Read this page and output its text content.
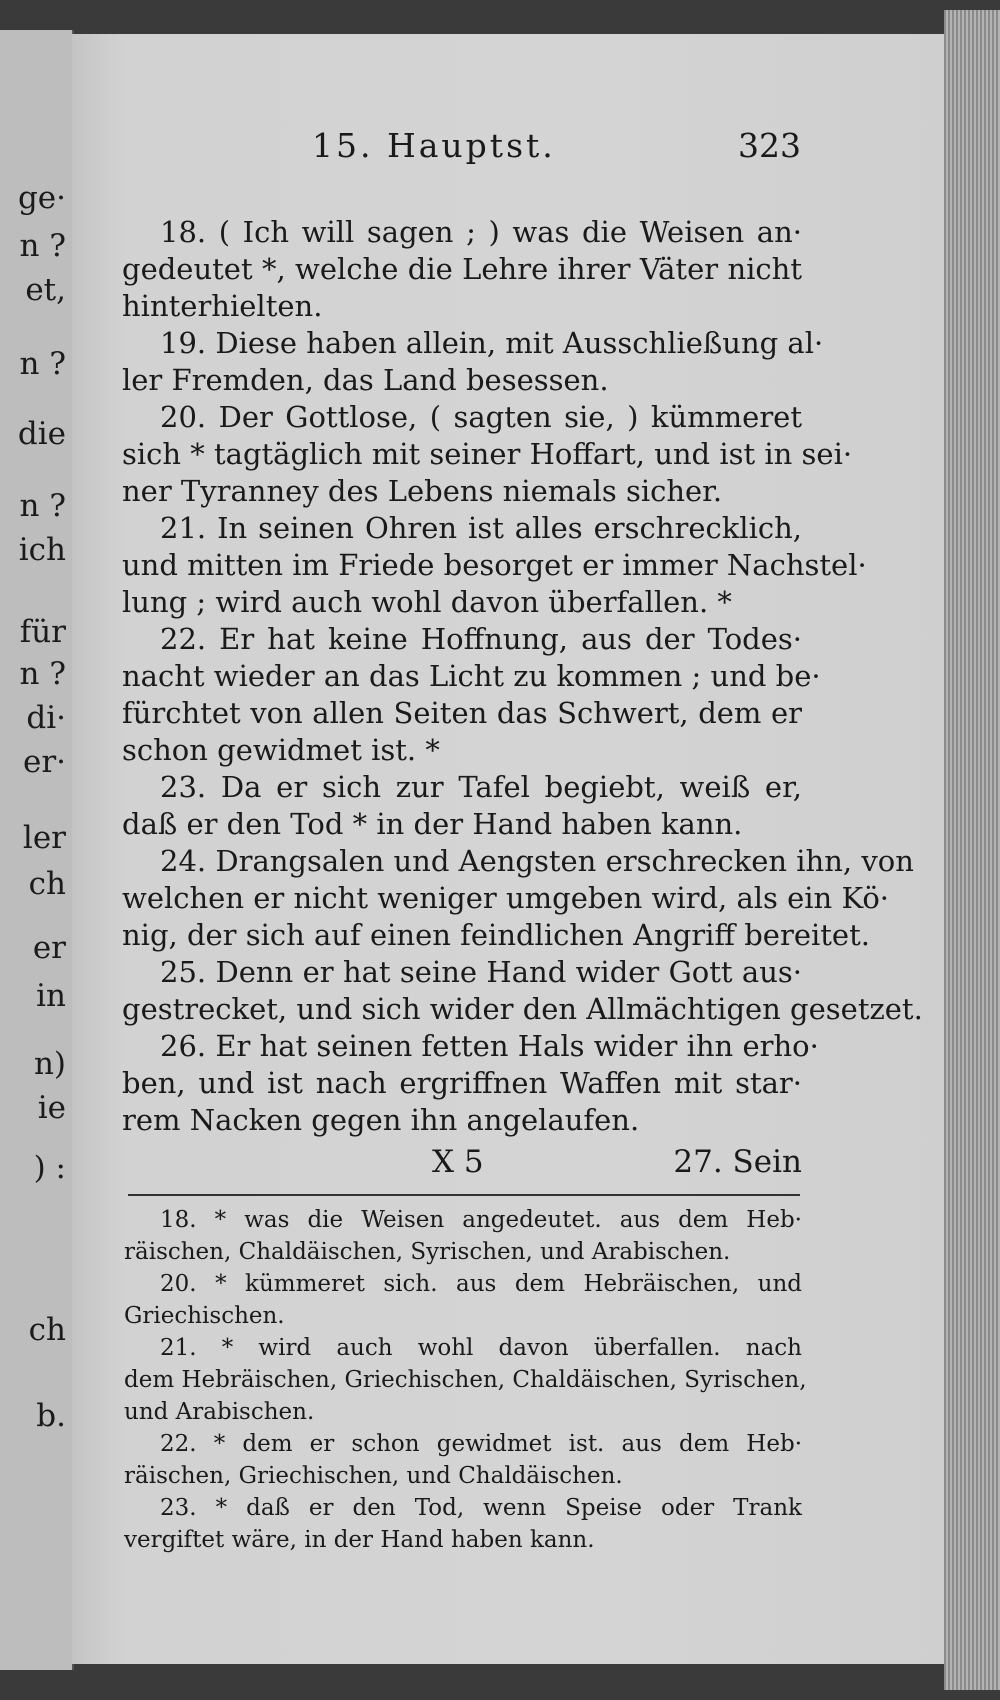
ge·
n ?
et,
n ?
die
n ?
ich
für
n ?
di·
er·
ler
ch
er
in
n)
ie
) :
ch
b.
15. Hauptst.	323
18. ( Ich will sagen ; ) was die Weisen an·
gedeutet *, welche die Lehre ihrer Väter nicht
hinterhielten.
19. Diese haben allein, mit Ausschließung al·
ler Fremden, das Land besessen.
20. Der Gottlose, ( sagten sie, ) kümmeret
sich * tagtäglich mit seiner Hoffart, und ist in sei·
ner Tyranney des Lebens niemals sicher.
21. In seinen Ohren ist alles erschrecklich,
und mitten im Friede besorget er immer Nachstel·
lung ; wird auch wohl davon überfallen. *
22. Er hat keine Hoffnung, aus der Todes·
nacht wieder an das Licht zu kommen ; und be·
fürchtet von allen Seiten das Schwert, dem er
schon gewidmet ist. *
23. Da er sich zur Tafel begiebt, weiß er,
daß er den Tod * in der Hand haben kann.
24. Drangsalen und Aengsten erschrecken ihn, von
welchen er nicht weniger umgeben wird, als ein Kö·
nig, der sich auf einen feindlichen Angriff bereitet.
25. Denn er hat seine Hand wider Gott aus·
gestrecket, und sich wider den Allmächtigen gesetzet.
26. Er hat seinen fetten Hals wider ihn erho·
ben, und ist nach ergriffnen Waffen mit star·
rem Nacken gegen ihn angelaufen.
X 5	27. Sein
18. * was die Weisen angedeutet. aus dem Heb·
räischen, Chaldäischen, Syrischen, und Arabischen.
20. * kümmeret sich. aus dem Hebräischen, und
Griechischen.
21. * wird auch wohl davon überfallen. nach
dem Hebräischen, Griechischen, Chaldäischen, Syrischen,
und Arabischen.
22. * dem er schon gewidmet ist. aus dem Heb·
räischen, Griechischen, und Chaldäischen.
23. * daß er den Tod, wenn Speise oder Trank
vergiftet wäre, in der Hand haben kann.
